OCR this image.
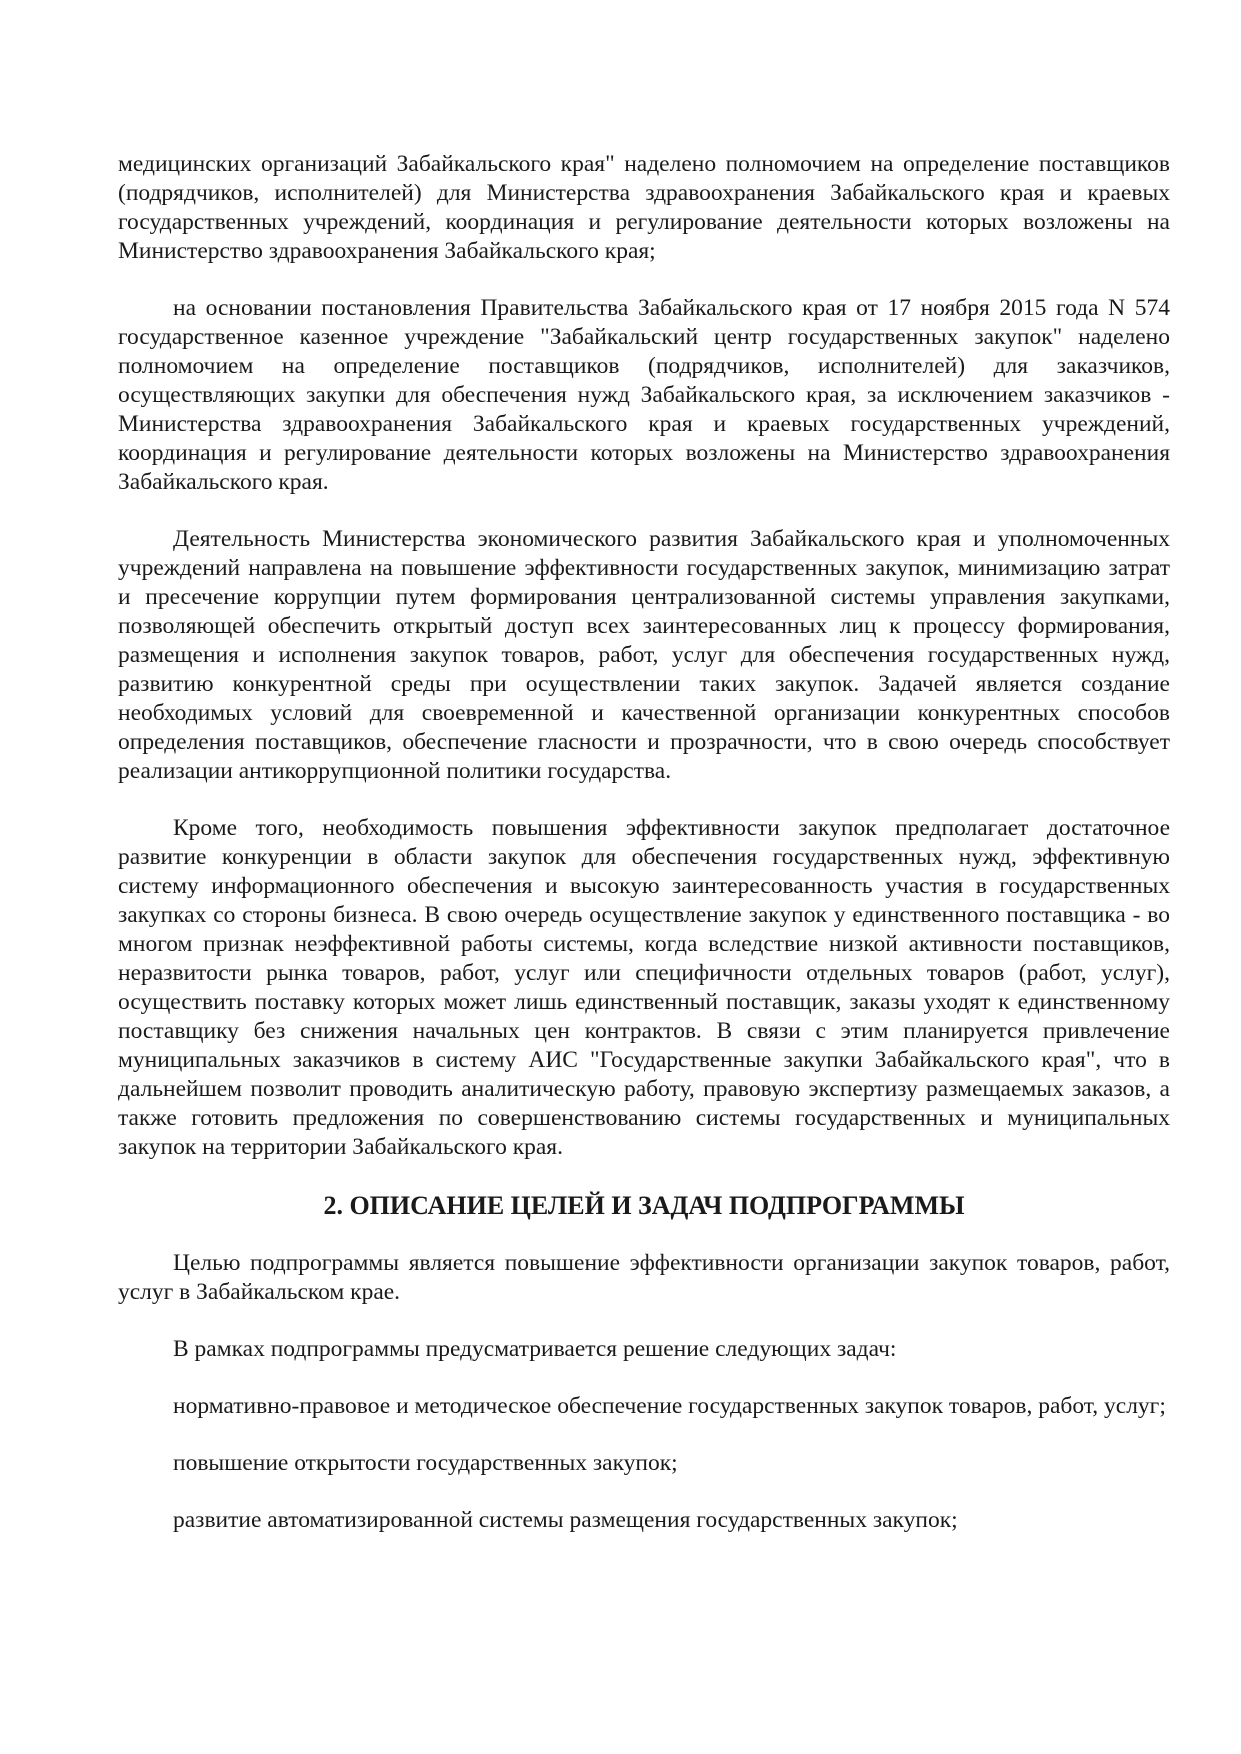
медицинских организаций Забайкальского края" наделено полномочием на определение поставщиков (подрядчиков, исполнителей) для Министерства здравоохранения Забайкальского края и краевых государственных учреждений, координация и регулирование деятельности которых возложены на Министерство здравоохранения Забайкальского края;

на основании постановления Правительства Забайкальского края от 17 ноября 2015 года N 574 государственное казенное учреждение "Забайкальский центр государственных закупок" наделено полномочием на определение поставщиков (подрядчиков, исполнителей) для заказчиков, осуществляющих закупки для обеспечения нужд Забайкальского края, за исключением заказчиков - Министерства здравоохранения Забайкальского края и краевых государственных учреждений, координация и регулирование деятельности которых возложены на Министерство здравоохранения Забайкальского края.

Деятельность Министерства экономического развития Забайкальского края и уполномоченных учреждений направлена на повышение эффективности государственных закупок, минимизацию затрат и пресечение коррупции путем формирования централизованной системы управления закупками, позволяющей обеспечить открытый доступ всех заинтересованных лиц к процессу формирования, размещения и исполнения закупок товаров, работ, услуг для обеспечения государственных нужд, развитию конкурентной среды при осуществлении таких закупок. Задачей является создание необходимых условий для своевременной и качественной организации конкурентных способов определения поставщиков, обеспечение гласности и прозрачности, что в свою очередь способствует реализации антикоррупционной политики государства.

Кроме того, необходимость повышения эффективности закупок предполагает достаточное развитие конкуренции в области закупок для обеспечения государственных нужд, эффективную систему информационного обеспечения и высокую заинтересованность участия в государственных закупках со стороны бизнеса. В свою очередь осуществление закупок у единственного поставщика - во многом признак неэффективной работы системы, когда вследствие низкой активности поставщиков, неразвитости рынка товаров, работ, услуг или специфичности отдельных товаров (работ, услуг), осуществить поставку которых может лишь единственный поставщик, заказы уходят к единственному поставщику без снижения начальных цен контрактов. В связи с этим планируется привлечение муниципальных заказчиков в систему АИС "Государственные закупки Забайкальского края", что в дальнейшем позволит проводить аналитическую работу, правовую экспертизу размещаемых заказов, а также готовить предложения по совершенствованию системы государственных и муниципальных закупок на территории Забайкальского края.

2. ОПИСАНИЕ ЦЕЛЕЙ И ЗАДАЧ ПОДПРОГРАММЫ

Целью подпрограммы является повышение эффективности организации закупок товаров, работ, услуг в Забайкальском крае.

В рамках подпрограммы предусматривается решение следующих задач:

нормативно-правовое и методическое обеспечение государственных закупок товаров, работ, услуг;

повышение открытости государственных закупок;

развитие автоматизированной системы размещения государственных закупок;
